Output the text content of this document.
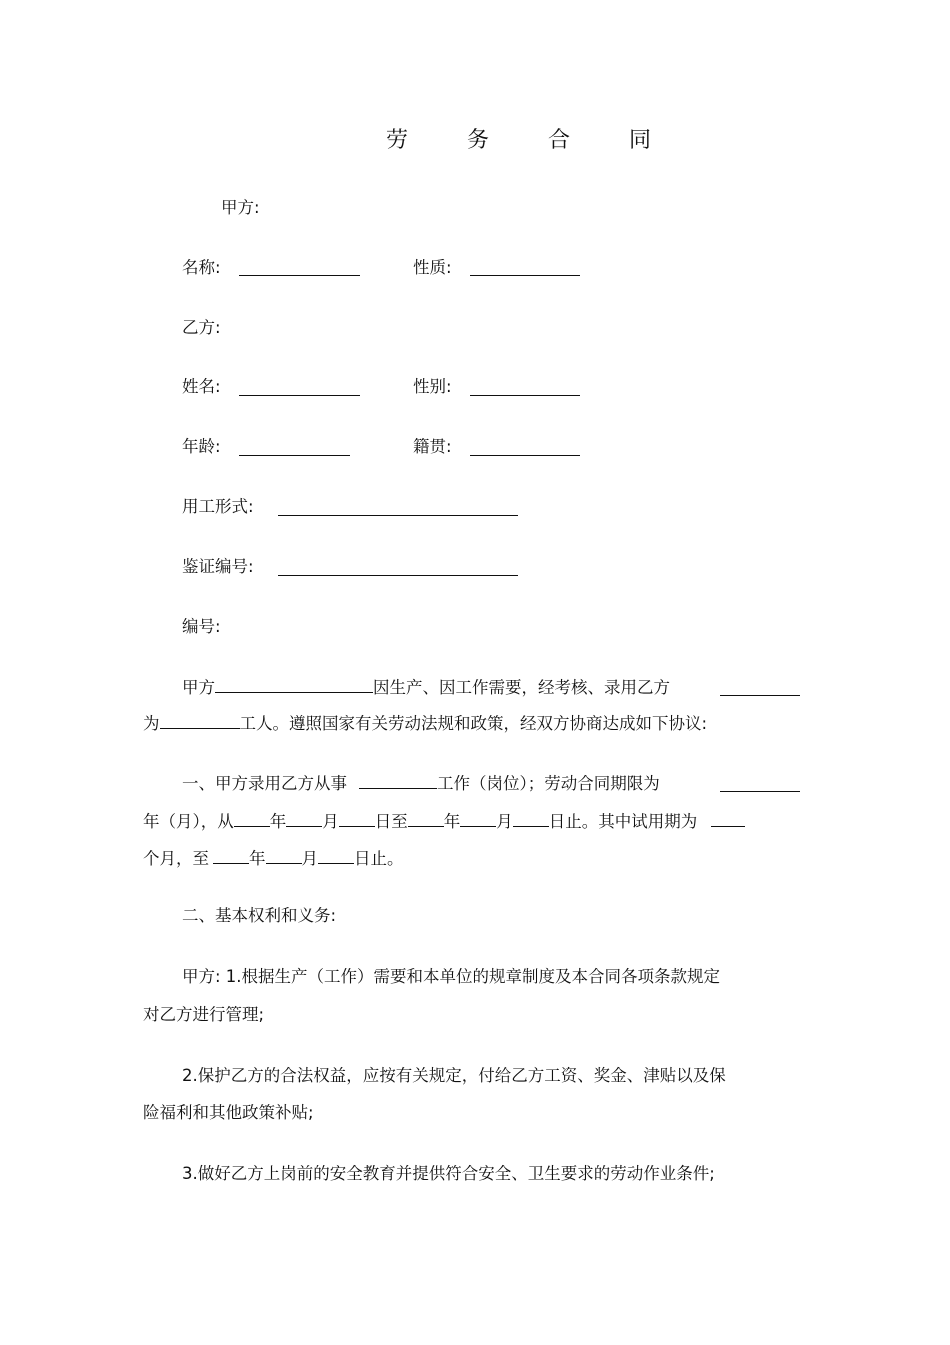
劳 务 合 同
甲方:
名称:	性质:
乙方:
姓名:	性别:
年龄:	籍贯:
用工形式:
鉴证编号:
编号:
甲方	因生产、因工作需要，经考核、录用乙方
为	工人。遵照国家有关劳动法规和政策，经双方协商达成如下协议:
一、甲方录用乙方从事	工作（岗位）；劳动合同期限为
年（月），从 年 月 日至 年 月 日止。其中试用期为
个月，至 年 月 日止。
二、基本权利和义务:
甲方: 1.根据生产（工作）需要和本单位的规章制度及本合同各项条款规定
对乙方进行管理;
2.保护乙方的合法权益，应按有关规定，付给乙方工资、奖金、津贴以及保
险福利和其他政策补贴;
3.做好乙方上岗前的安全教育并提供符合安全、卫生要求的劳动作业条件;
